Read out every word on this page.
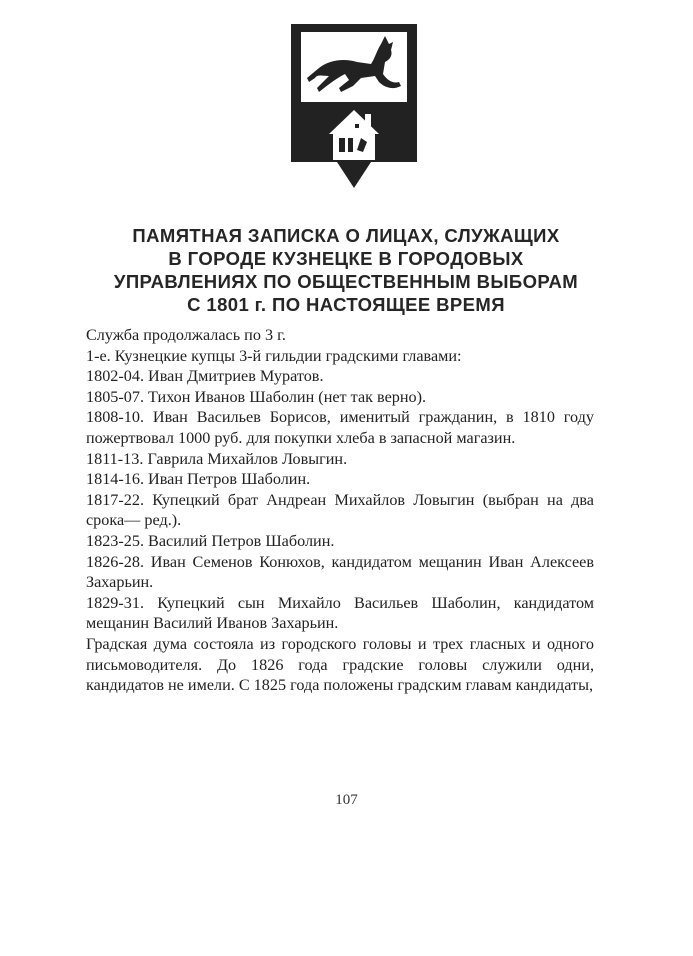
ПАМЯТНАЯ ЗАПИСКА О ЛИЦАХ, СЛУЖАЩИХ
В ГОРОДЕ КУЗНЕЦКЕ В ГОРОДОВЫХ
УПРАВЛЕНИЯХ ПО ОБЩЕСТВЕННЫМ ВЫБОРАМ
С 1801 г. ПО НАСТОЯЩЕЕ ВРЕМЯ
Служба продолжалась по 3 г.
1-е. Кузнецкие купцы 3-й гильдии градскими главами:
1802-04. Иван Дмитриев Муратов.
1805-07. Тихон Иванов Шаболин (нет так верно).
1808-10. Иван Васильев Борисов, именитый гражданин, в 1810 году пожертвовал 1000 руб. для покупки хлеба в запасной магазин.
1811-13. Гаврила Михайлов Ловыгин.
1814-16. Иван Петров Шаболин.
1817-22. Купецкий брат Андреан Михайлов Ловыгин (выбран на два срока— ред.).
1823-25. Василий Петров Шаболин.
1826-28. Иван Семенов Конюхов, кандидатом мещанин Иван Алексеев Захарьин.
1829-31. Купецкий сын Михайло Васильев Шаболин, кандидатом мещанин Василий Иванов Захарьин.
Градская дума состояла из городского головы и трех гласных и одного письмоводителя. До 1826 года градские головы служили одни, кандидатов не имели. С 1825 года положены градским главам кандидаты,
107
